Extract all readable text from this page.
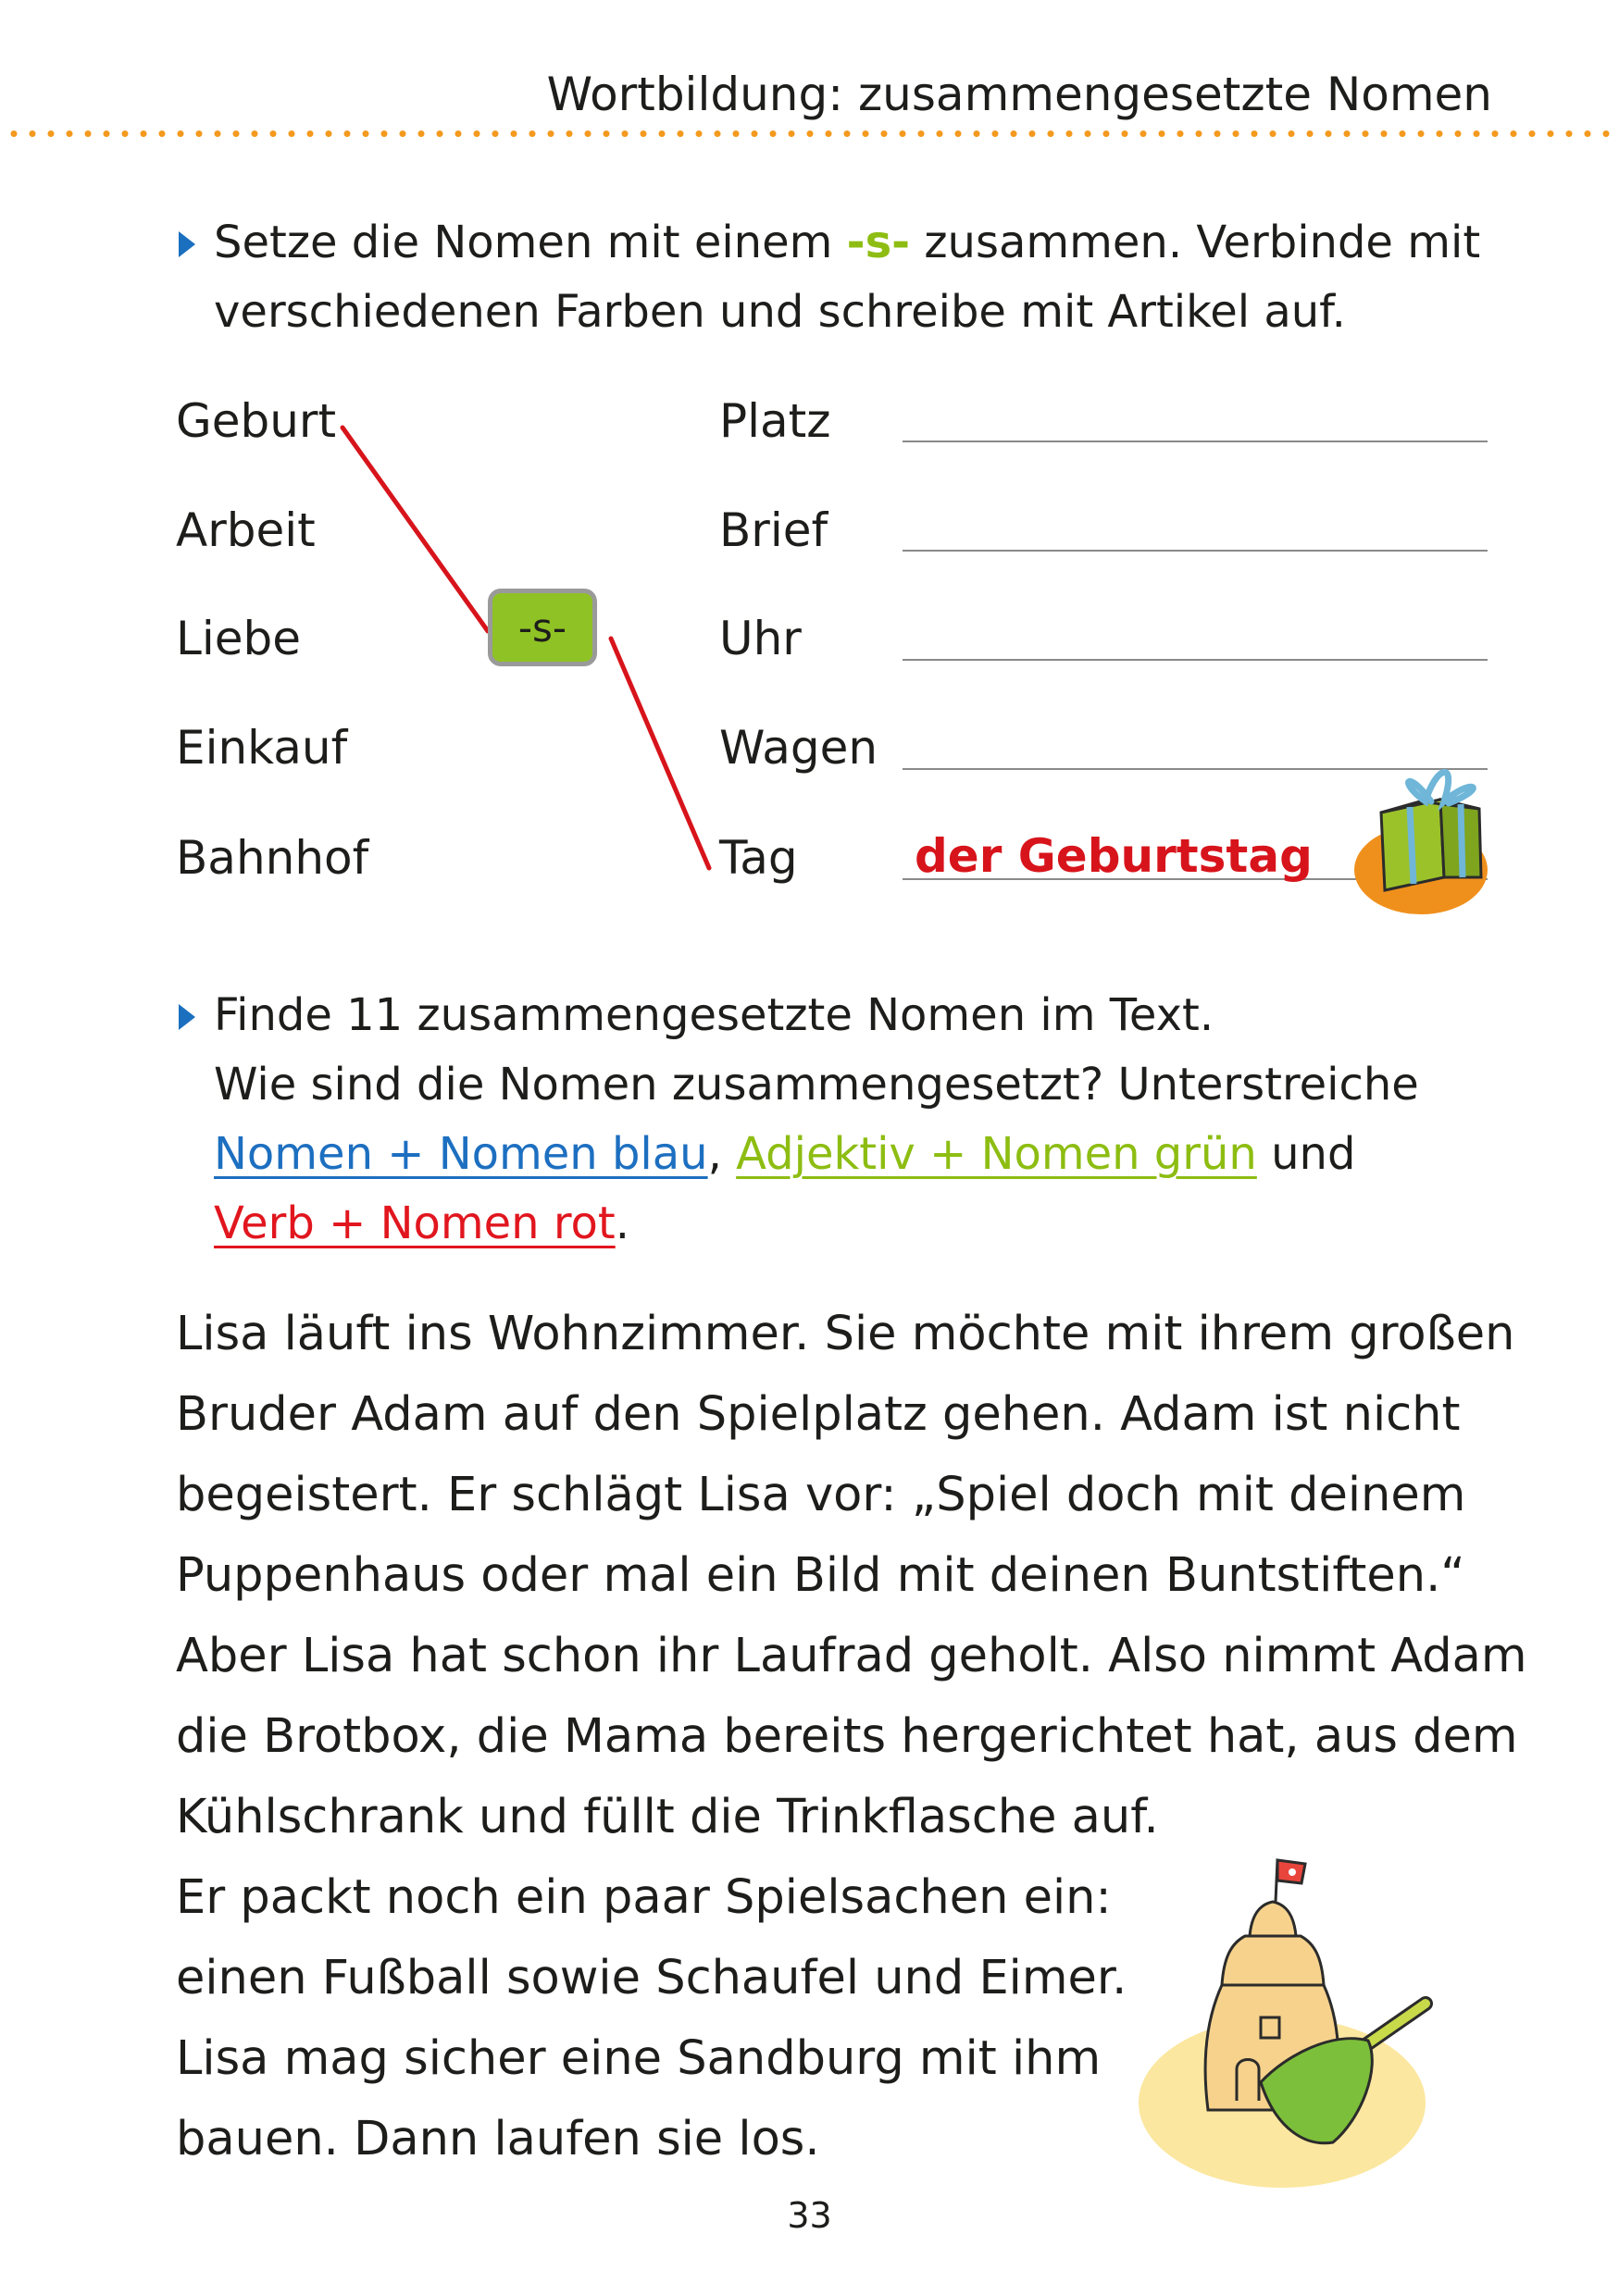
Wortbildung: zusammengesetzte Nomen
Setze die Nomen mit einem -s- zusammen. Verbinde mit verschiedenen Farben und schreibe mit Artikel auf.
Geburt
Arbeit
Liebe
Einkauf
Bahnhof
Platz
Brief
Uhr
Wagen
Tag	der Geburtstag
-s-
Finde 11 zusammengesetzte Nomen im Text.
Wie sind die Nomen zusammengesetzt? Unterstreiche
Nomen + Nomen blau, Adjektiv + Nomen grün und
Verb + Nomen rot.
Lisa läuft ins Wohnzimmer. Sie möchte mit ihrem großen
Bruder Adam auf den Spielplatz gehen. Adam ist nicht
begeistert. Er schlägt Lisa vor: „Spiel doch mit deinem
Puppenhaus oder mal ein Bild mit deinen Buntstiften.“
Aber Lisa hat schon ihr Laufrad geholt. Also nimmt Adam
die Brotbox, die Mama bereits hergerichtet hat, aus dem
Kühlschrank und füllt die Trinkflasche auf.
Er packt noch ein paar Spielsachen ein:
einen Fußball sowie Schaufel und Eimer.
Lisa mag sicher eine Sandburg mit ihm
bauen. Dann laufen sie los.
33
